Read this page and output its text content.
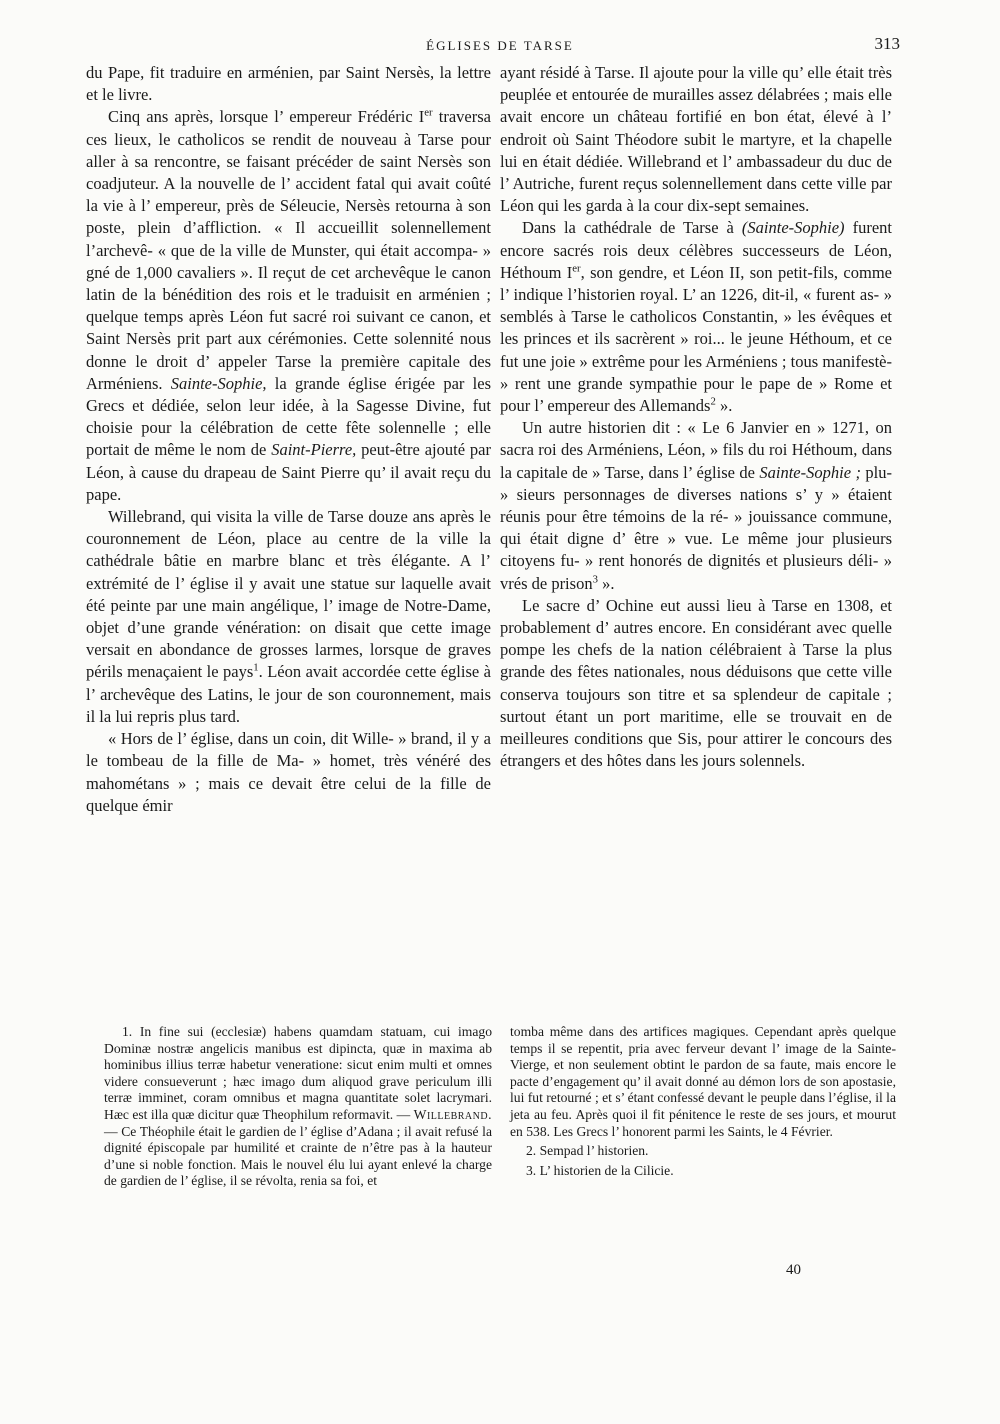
ÉGLISES DE TARSE	313

du Pape, fit traduire en arménien, par Saint Nersès, la lettre et le livre.

Cinq ans après, lorsque l’ empereur Frédéric Ier traversa ces lieux, le catholicos se rendit de nouveau à Tarse pour aller à sa rencontre, se faisant précéder de saint Nersès son coadjuteur. A la nouvelle de l’ accident fatal qui avait coûté la vie à l’ empereur, près de Séleucie, Nersès retourna à son poste, plein d’affliction. « Il accueillit solennellement l’archevê- « que de la ville de Munster, qui était accompa- » gné de 1,000 cavaliers ». Il reçut de cet archevêque le canon latin de la bénédition des rois et le traduisit en arménien ; quelque temps après Léon fut sacré roi suivant ce canon, et Saint Nersès prit part aux cérémonies. Cette solennité nous donne le droit d’ appeler Tarse la première capitale des Arméniens. Sainte-Sophie, la grande église érigée par les Grecs et dédiée, selon leur idée, à la Sagesse Divine, fut choisie pour la célébration de cette fête solennelle ; elle portait de même le nom de Saint-Pierre, peut-être ajouté par Léon, à cause du drapeau de Saint Pierre qu’ il avait reçu du pape.

Willebrand, qui visita la ville de Tarse douze ans après le couronnement de Léon, place au centre de la ville la cathédrale bâtie en marbre blanc et très élégante. A l’ extrémité de l’ église il y avait une statue sur laquelle avait été peinte par une main angélique, l’ image de Notre-Dame, objet d’une grande vénération: on disait que cette image versait en abondance de grosses larmes, lorsque de graves périls menaçaient le pays$^1$. Léon avait accordée cette église à l’ archevêque des Latins, le jour de son couronnement, mais il la lui repris plus tard.

« Hors de l’ église, dans un coin, dit Wille- » brand, il y a le tombeau de la fille de Ma- » homet, très vénéré des mahométans » ; mais ce devait être celui de la fille de quelque émir

ayant résidé à Tarse. Il ajoute pour la ville qu’ elle était très peuplée et entourée de murailles assez délabrées ; mais elle avait encore un château fortifié en bon état, élevé à l’ endroit où Saint Théodore subit le martyre, et la chapelle lui en était dédiée. Willebrand et l’ ambassadeur du duc de l’ Autriche, furent reçus solennellement dans cette ville par Léon qui les garda à la cour dix-sept semaines.

Dans la cathédrale de Tarse à (Sainte-Sophie) furent encore sacrés rois deux célèbres successeurs de Léon, Héthoum Ier, son gendre, et Léon II, son petit-fils, comme l’ indique l’historien royal. L’ an 1226, dit-il, « furent as- » semblés à Tarse le catholicos Constantin, » les évêques et les princes et ils sacrèrent » roi... le jeune Héthoum, et ce fut une joie » extrême pour les Arméniens ; tous manifestè- » rent une grande sympathie pour le pape de » Rome et pour l’ empereur des Allemands$^2$ ».

Un autre historien dit : « Le 6 Janvier en » 1271, on sacra roi des Arméniens, Léon, » fils du roi Héthoum, dans la capitale de » Tarse, dans l’ église de Sainte-Sophie ; plu- » sieurs personnages de diverses nations s’ y » étaient réunis pour être témoins de la ré- » jouissance commune, qui était digne d’ être » vue. Le même jour plusieurs citoyens fu- » rent honorés de dignités et plusieurs déli- » vrés de prison$^3$ ».

Le sacre d’ Ochine eut aussi lieu à Tarse en 1308, et probablement d’ autres encore. En considérant avec quelle pompe les chefs de la nation célébraient à Tarse la plus grande des fêtes nationales, nous déduisons que cette ville conserva toujours son titre et sa splendeur de capitale ; surtout étant un port maritime, elle se trouvait en de meilleures conditions que Sis, pour attirer le concours des étrangers et des hôtes dans les jours solennels.

1. In fine sui (ecclesiæ) habens quamdam statuam, cui imago Dominæ nostræ angelicis manibus est dipincta, quæ in maxima ab hominibus illius terræ habetur veneratione: sicut enim multi et omnes videre consueverunt ; hæc imago dum aliquod grave periculum illi terræ imminet, coram omnibus et magna quantitate solet lacrymari. Hæc est illa quæ dicitur quæ Theophilum reformavit. — Willebrand. — Ce Théophile était le gardien de l’ église d’Adana ; il avait refusé la dignité épiscopale par humilité et crainte de n’être pas à la hauteur d’une si noble fonction. Mais le nouvel élu lui ayant enlevé la charge de gardien de l’ église, il se révolta, renia sa foi, et

tomba même dans des artifices magiques. Cependant après quelque temps il se repentit, pria avec ferveur devant l’ image de la Sainte-Vierge, et non seulement obtint le pardon de sa faute, mais encore le pacte d’engagement qu’ il avait donné au démon lors de son apostasie, lui fut retourné ; et s’ étant confessé devant le peuple dans l’église, il la jeta au feu. Après quoi il fit pénitence le reste de ses jours, et mourut en 538. Les Grecs l’ honorent parmi les Saints, le 4 Février.

2. Sempad l’ historien.

3. L’ historien de la Cilicie.

40
